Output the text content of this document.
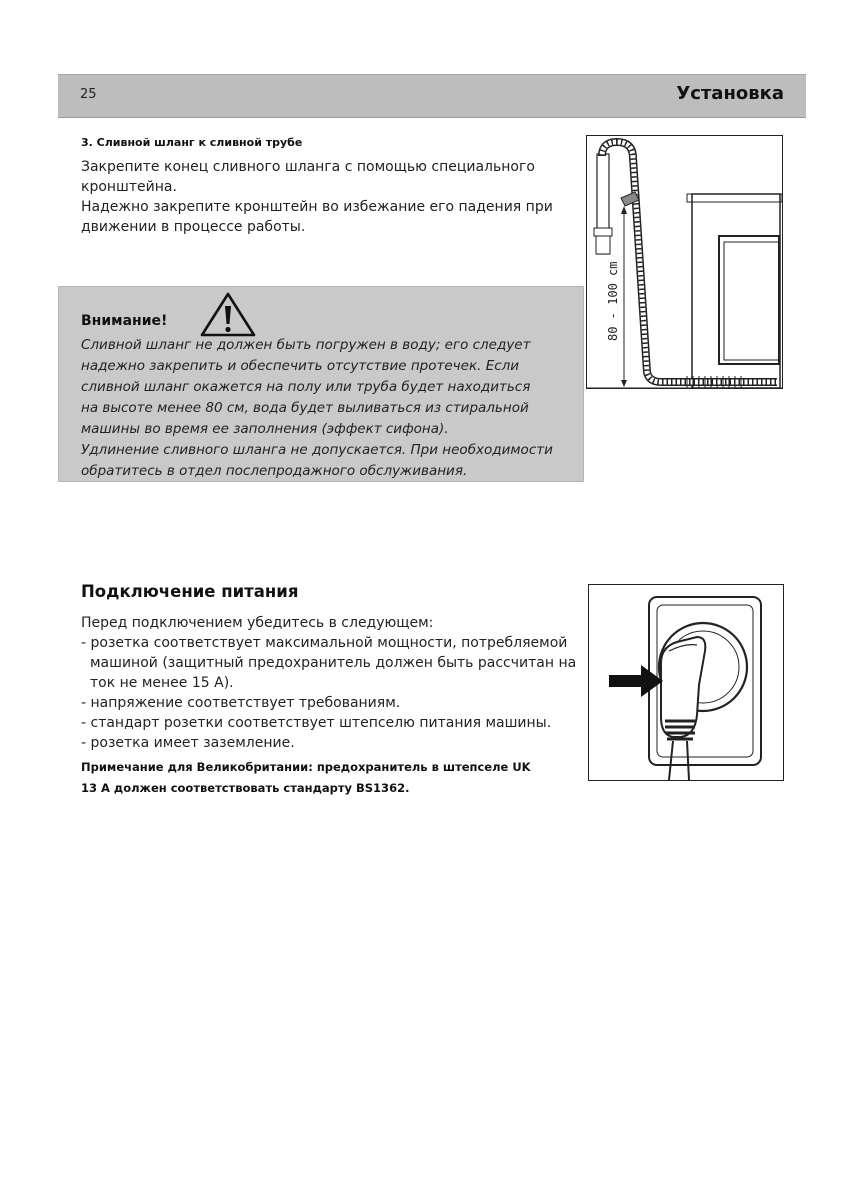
25	Установка
3. Сливной шланг к сливной трубе
Закрепите конец сливного шланга с помощью специального
кронштейна.
Надежно закрепите кронштейн во избежание его падения при
движении в процессе работы.
Внимание!
Сливной шланг не должен быть погружен в воду; его следует
надежно закрепить и обеспечить отсутствие протечек. Если
сливной шланг окажется на полу или труба будет находиться
на высоте менее 80 см, вода будет выливаться из стиральной
машины во время ее заполнения (эффект сифона).
Удлинение сливного шланга не допускается. При необходимости
обратитесь в отдел послепродажного обслуживания.
80 - 100 cm
Подключение питания
Перед подключением убедитесь в следующем:
- розетка соответствует максимальной мощности, потребляемой
машиной (защитный предохранитель должен быть рассчитан на
ток не менее 15 А).
- напряжение соответствует требованиям.
- стандарт розетки соответствует штепселю питания машины.
- розетка имеет заземление.
Примечание для Великобритании: предохранитель в штепселе UK
13 A должен соответствовать стандарту BS1362.
